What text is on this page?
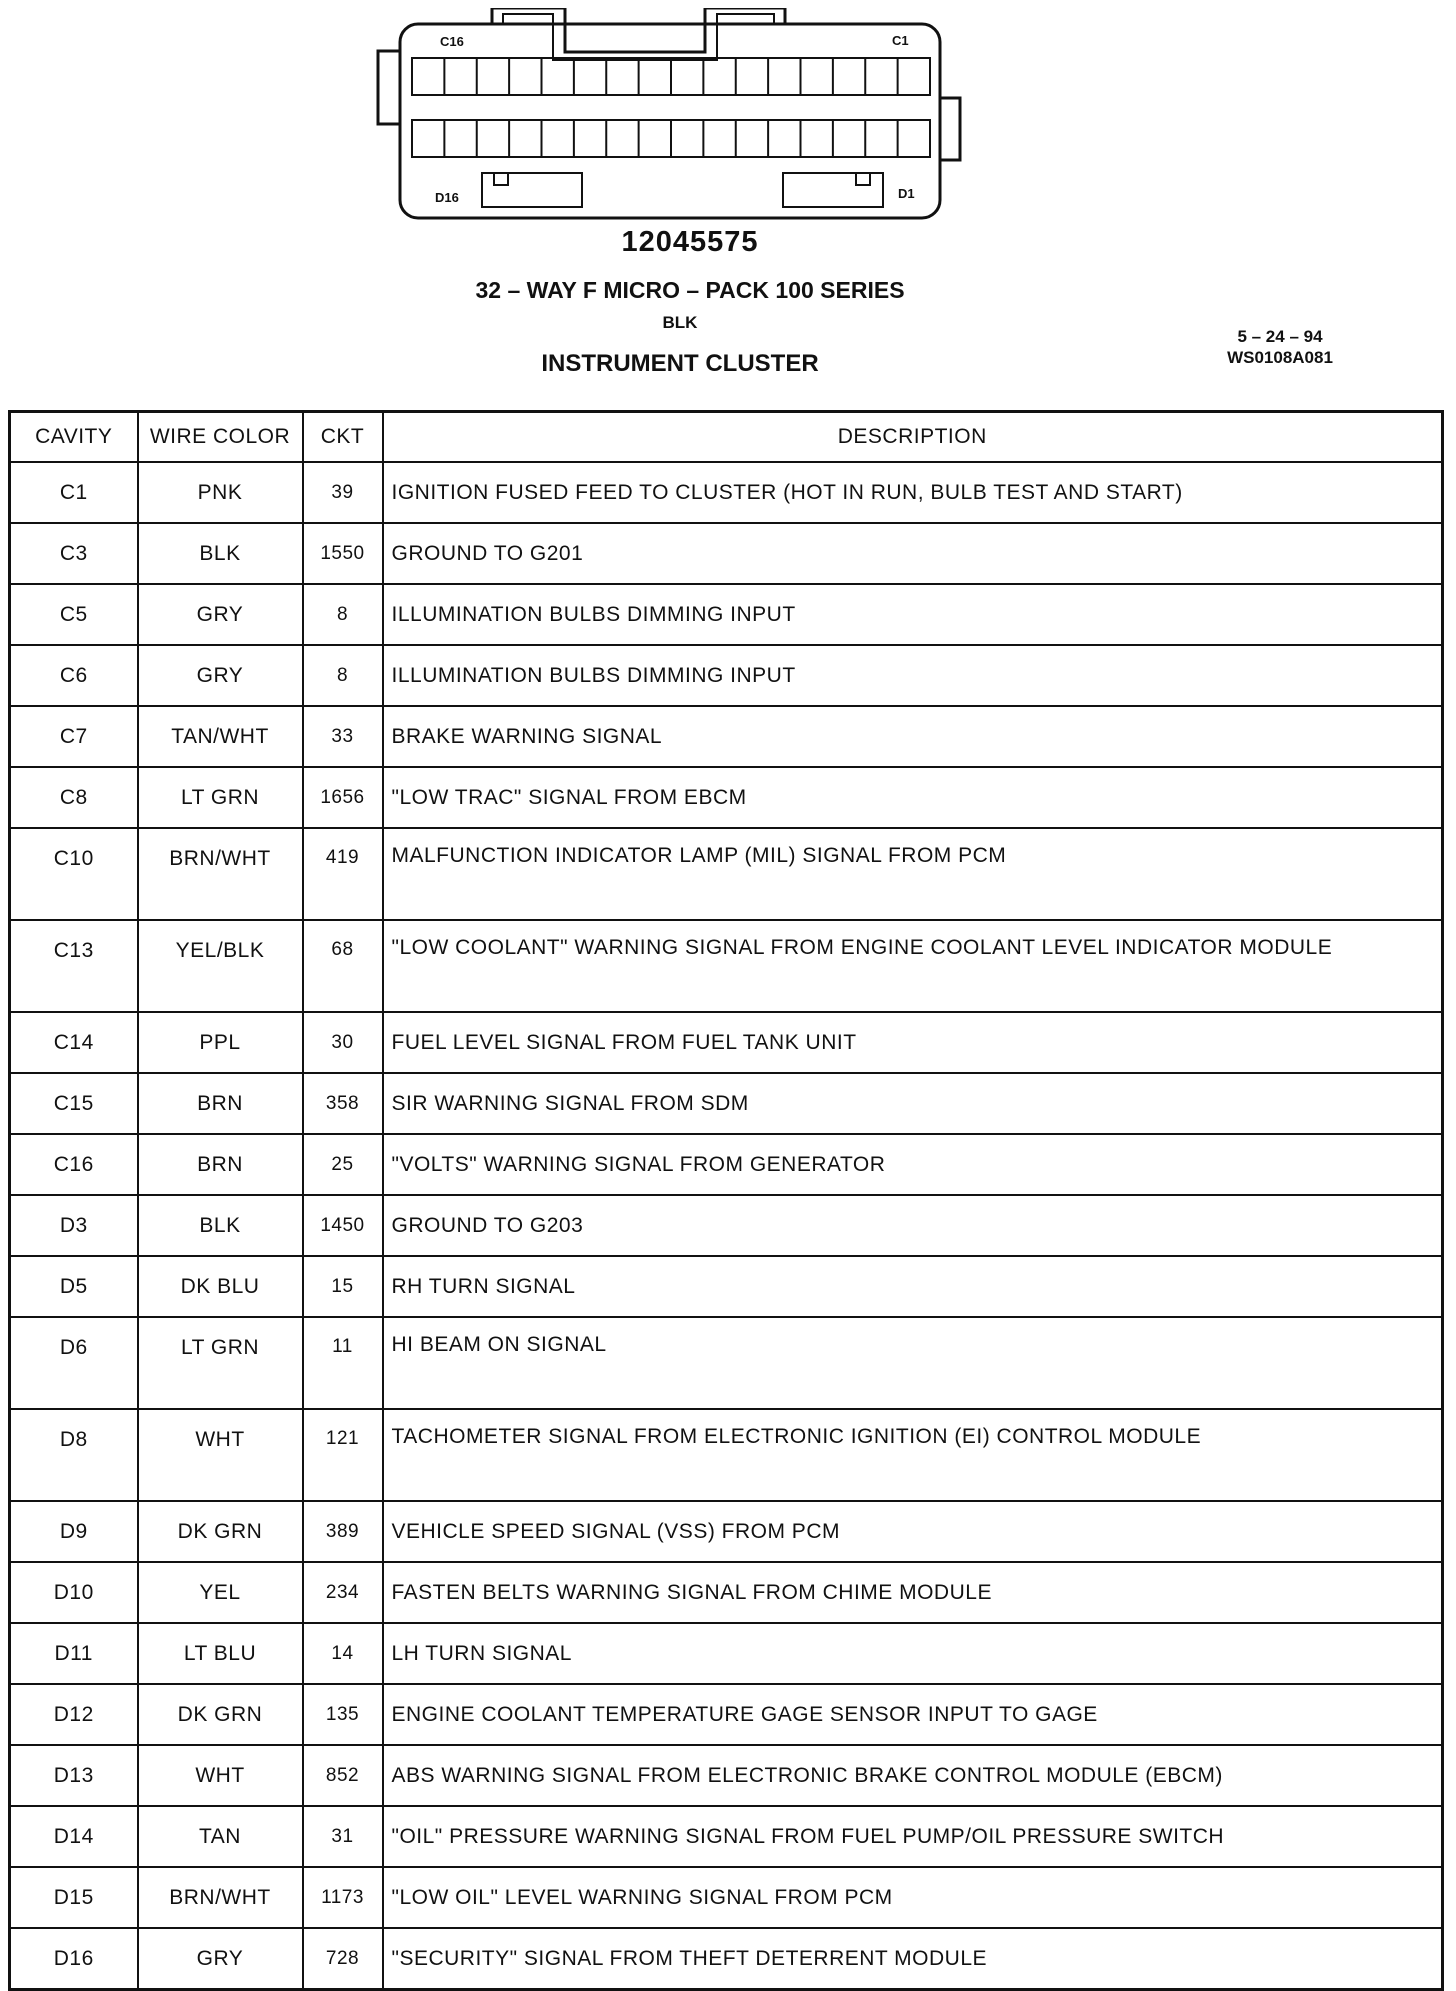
C16	C1
D16	D1
12045575
32 – WAY F MICRO – PACK 100 SERIES
BLK
INSTRUMENT CLUSTER
5 – 24 – 94
WS0108A081
CAVITY	WIRE COLOR	CKT	DESCRIPTION
C1	PNK	39	IGNITION FUSED FEED TO CLUSTER (HOT IN RUN, BULB TEST AND START)
C3	BLK	1550	GROUND TO G201
C5	GRY	8	ILLUMINATION BULBS DIMMING INPUT
C6	GRY	8	ILLUMINATION BULBS DIMMING INPUT
C7	TAN/WHT	33	BRAKE WARNING SIGNAL
C8	LT GRN	1656	"LOW TRAC" SIGNAL FROM EBCM
C10	BRN/WHT	419	MALFUNCTION INDICATOR LAMP (MIL) SIGNAL FROM PCM
C13	YEL/BLK	68	"LOW COOLANT" WARNING SIGNAL FROM ENGINE COOLANT LEVEL INDICATOR MODULE
C14	PPL	30	FUEL LEVEL SIGNAL FROM FUEL TANK UNIT
C15	BRN	358	SIR WARNING SIGNAL FROM SDM
C16	BRN	25	"VOLTS" WARNING SIGNAL FROM GENERATOR
D3	BLK	1450	GROUND TO G203
D5	DK BLU	15	RH TURN SIGNAL
D6	LT GRN	11	HI BEAM ON SIGNAL
D8	WHT	121	TACHOMETER SIGNAL FROM ELECTRONIC IGNITION (EI) CONTROL MODULE
D9	DK GRN	389	VEHICLE SPEED SIGNAL (VSS) FROM PCM
D10	YEL	234	FASTEN BELTS WARNING SIGNAL FROM CHIME MODULE
D11	LT BLU	14	LH TURN SIGNAL
D12	DK GRN	135	ENGINE COOLANT TEMPERATURE GAGE SENSOR INPUT TO GAGE
D13	WHT	852	ABS WARNING SIGNAL FROM ELECTRONIC BRAKE CONTROL MODULE (EBCM)
D14	TAN	31	"OIL" PRESSURE WARNING SIGNAL FROM FUEL PUMP/OIL PRESSURE SWITCH
D15	BRN/WHT	1173	"LOW OIL" LEVEL WARNING SIGNAL FROM PCM
D16	GRY	728	"SECURITY" SIGNAL FROM THEFT DETERRENT MODULE
